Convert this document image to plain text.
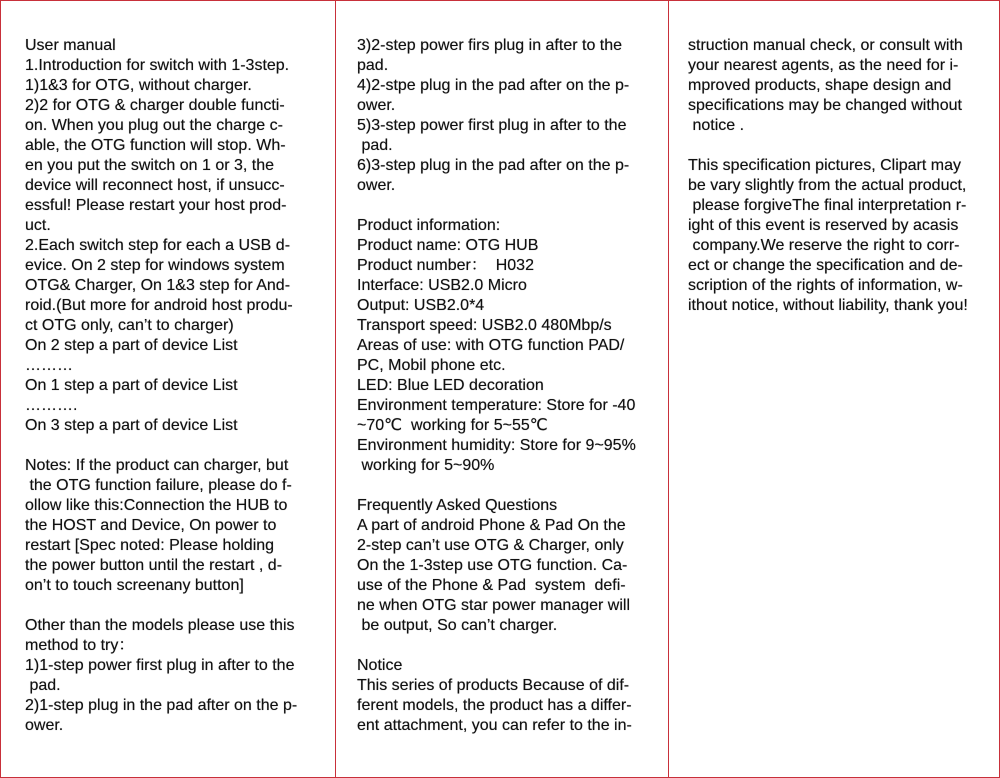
User manual
1.Introduction for switch with 1-3step.
1)1&3 for OTG, without charger.
2)2 for OTG & charger double functi-
on. When you plug out the charge c-
able, the OTG function will stop. Wh-
en you put the switch on 1 or 3, the
device will reconnect host, if unsucc-
essful! Please restart your host prod-
uct.
2.Each switch step for each a USB d-
evice. On 2 step for windows system
OTG& Charger, On 1&3 step for And-
roid.(But more for android host produ-
ct OTG only, can’t to charger)
On 2 step a part of device List
………
On 1 step a part of device List
……….
On 3 step a part of device List
Notes: If the product can charger, but
the OTG function failure, please do f-
ollow like this:Connection the HUB to
the HOST and Device, On power to
restart [Spec noted: Please holding
the power button until the restart , d-
on’t to touch screenany button]
Other than the models please use this
method to try：
1)1-step power first plug in after to the
pad.
2)1-step plug in the pad after on the p-
ower.
3)2-step power firs plug in after to the
pad.
4)2-stpe plug in the pad after on the p-
ower.
5)3-step power first plug in after to the
pad.
6)3-step plug in the pad after on the p-
ower.
Product information:
Product name: OTG HUB
Product number：  H032
Interface: USB2.0 Micro
Output: USB2.0*4
Transport speed: USB2.0 480Mbp/s
Areas of use: with OTG function PAD/
PC, Mobil phone etc.
LED: Blue LED decoration
Environment temperature: Store for -40
~70℃  working for 5~55℃
Environment humidity: Store for 9~95%
working for 5~90%
Frequently Asked Questions
A part of android Phone & Pad On the
2-step can’t use OTG & Charger, only
On the 1-3step use OTG function. Ca-
use of the Phone & Pad  system  defi-
ne when OTG star power manager will
be output, So can’t charger.
Notice
This series of products Because of dif-
ferent models, the product has a differ-
ent attachment, you can refer to the in-
struction manual check, or consult with
your nearest agents, as the need for i-
mproved products, shape design and
specifications may be changed without
notice .
This specification pictures, Clipart may
be vary slightly from the actual product,
please forgiveThe final interpretation r-
ight of this event is reserved by acasis
company.We reserve the right to corr-
ect or change the specification and de-
scription of the rights of information, w-
ithout notice, without liability, thank you!
